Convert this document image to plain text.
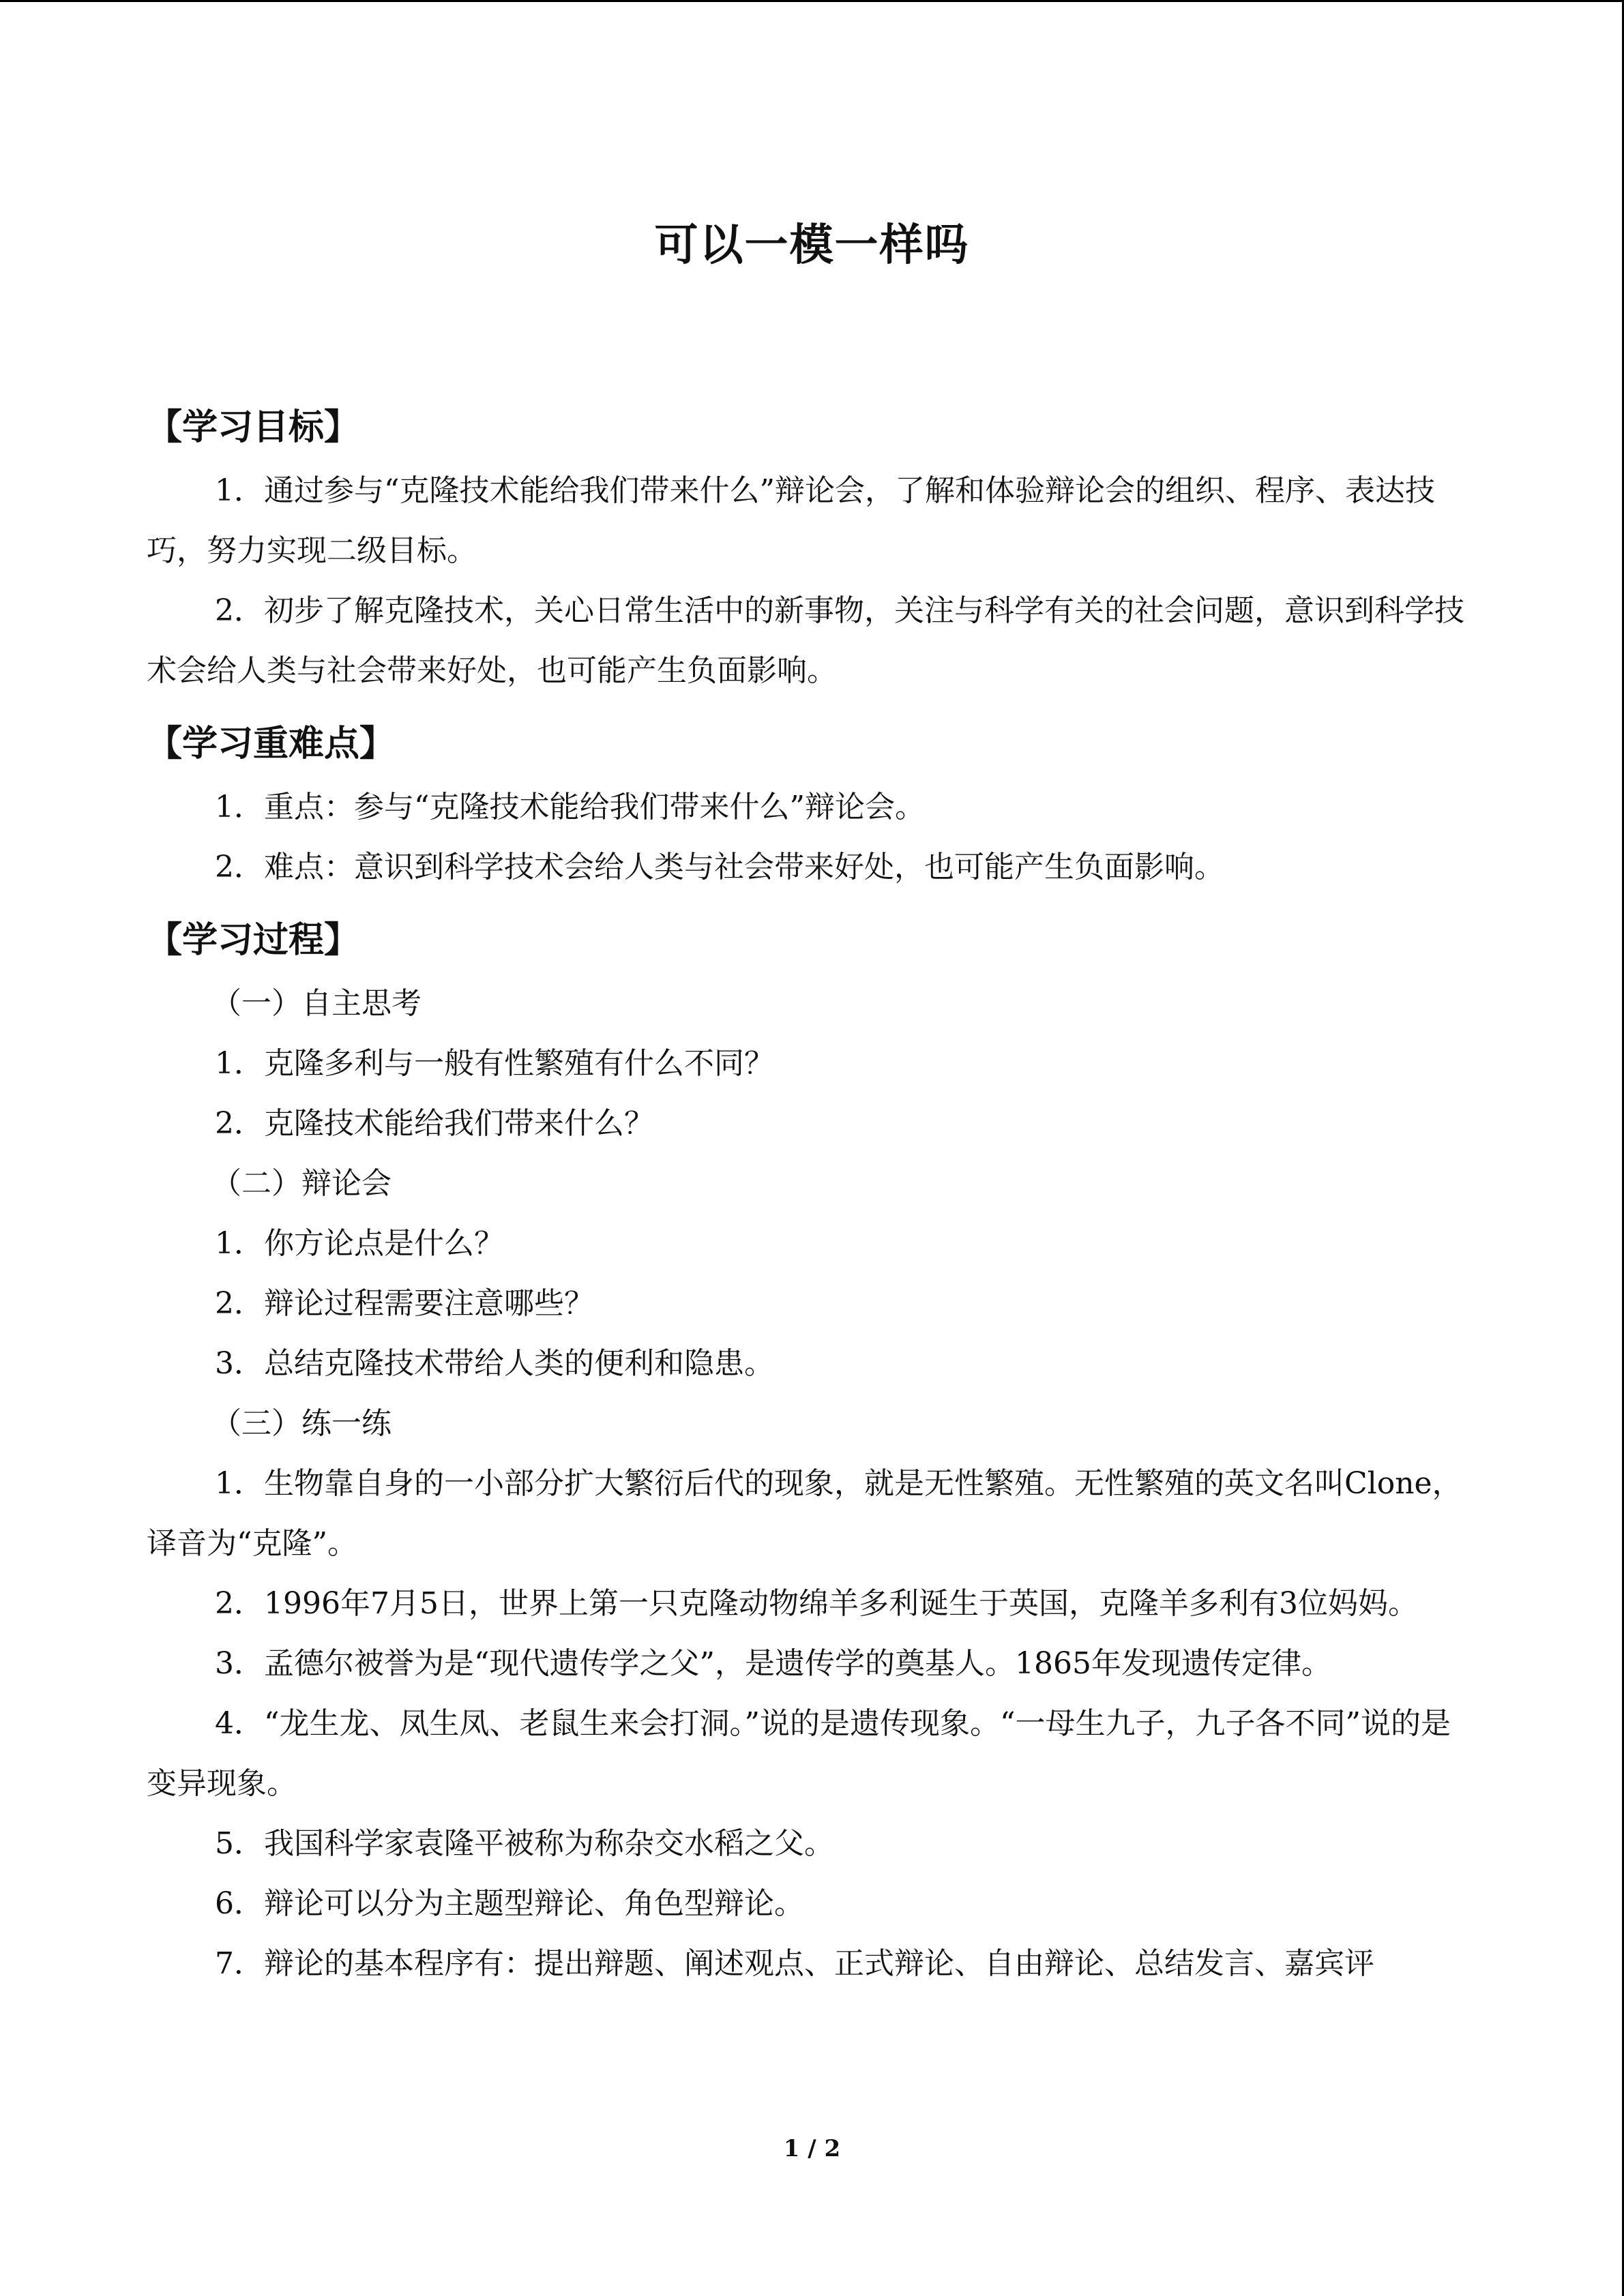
可以一模一样吗
【学习目标】

1．通过参与“克隆技术能给我们带来什么”辩论会，了解和体验辩论会的组织、程序、表达技巧，努力实现二级目标。

2．初步了解克隆技术，关心日常生活中的新事物，关注与科学有关的社会问题，意识到科学技术会给人类与社会带来好处，也可能产生负面影响。

【学习重难点】

1．重点：参与“克隆技术能给我们带来什么”辩论会。

2．难点：意识到科学技术会给人类与社会带来好处，也可能产生负面影响。

【学习过程】

（一）自主思考

1．克隆多利与一般有性繁殖有什么不同？

2．克隆技术能给我们带来什么？

（二）辩论会

1．你方论点是什么？

2．辩论过程需要注意哪些？

3．总结克隆技术带给人类的便利和隐患。

（三）练一练

1．生物靠自身的一小部分扩大繁衍后代的现象，就是无性繁殖。无性繁殖的英文名叫Clone，译音为“克隆”。

2．1996年7月5日，世界上第一只克隆动物绵羊多利诞生于英国，克隆羊多利有3位妈妈。

3．孟德尔被誉为是“现代遗传学之父”，是遗传学的奠基人。1865年发现遗传定律。

4．“龙生龙、凤生凤、老鼠生来会打洞。”说的是遗传现象。“一母生九子，九子各不同”说的是变异现象。

5．我国科学家袁隆平被称为称杂交水稻之父。

6．辩论可以分为主题型辩论、角色型辩论。

7．辩论的基本程序有：提出辩题、阐述观点、正式辩论、自由辩论、总结发言、嘉宾评

1 / 2
